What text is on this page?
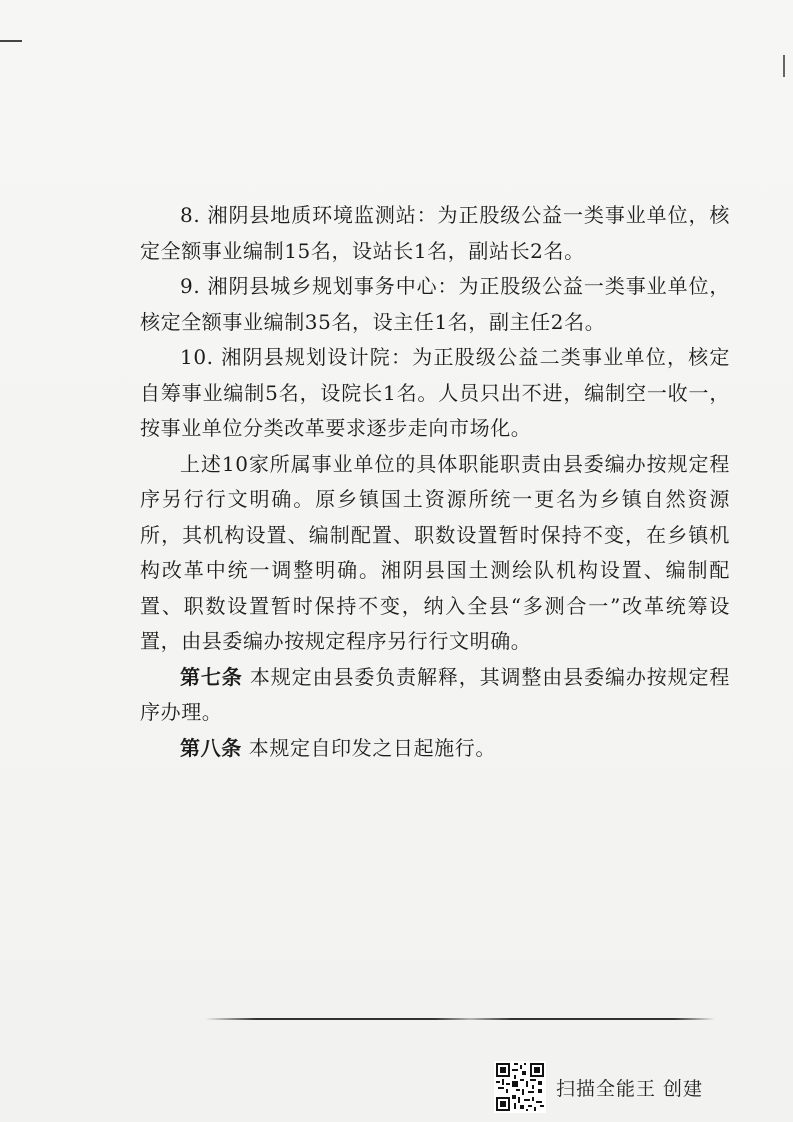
8. 湘阴县地质环境监测站：为正股级公益一类事业单位，核定全额事业编制15名，设站长1名，副站长2名。

9. 湘阴县城乡规划事务中心：为正股级公益一类事业单位，核定全额事业编制35名，设主任1名，副主任2名。

10. 湘阴县规划设计院：为正股级公益二类事业单位，核定自筹事业编制5名，设院长1名。人员只出不进，编制空一收一，按事业单位分类改革要求逐步走向市场化。

上述10家所属事业单位的具体职能职责由县委编办按规定程序另行行文明确。原乡镇国土资源所统一更名为乡镇自然资源所，其机构设置、编制配置、职数设置暂时保持不变，在乡镇机构改革中统一调整明确。湘阴县国土测绘队机构设置、编制配置、职数设置暂时保持不变，纳入全县“多测合一”改革统筹设置，由县委编办按规定程序另行行文明确。

第七条 本规定由县委负责解释，其调整由县委编办按规定程序办理。

第八条 本规定自印发之日起施行。

扫描全能王 创建
